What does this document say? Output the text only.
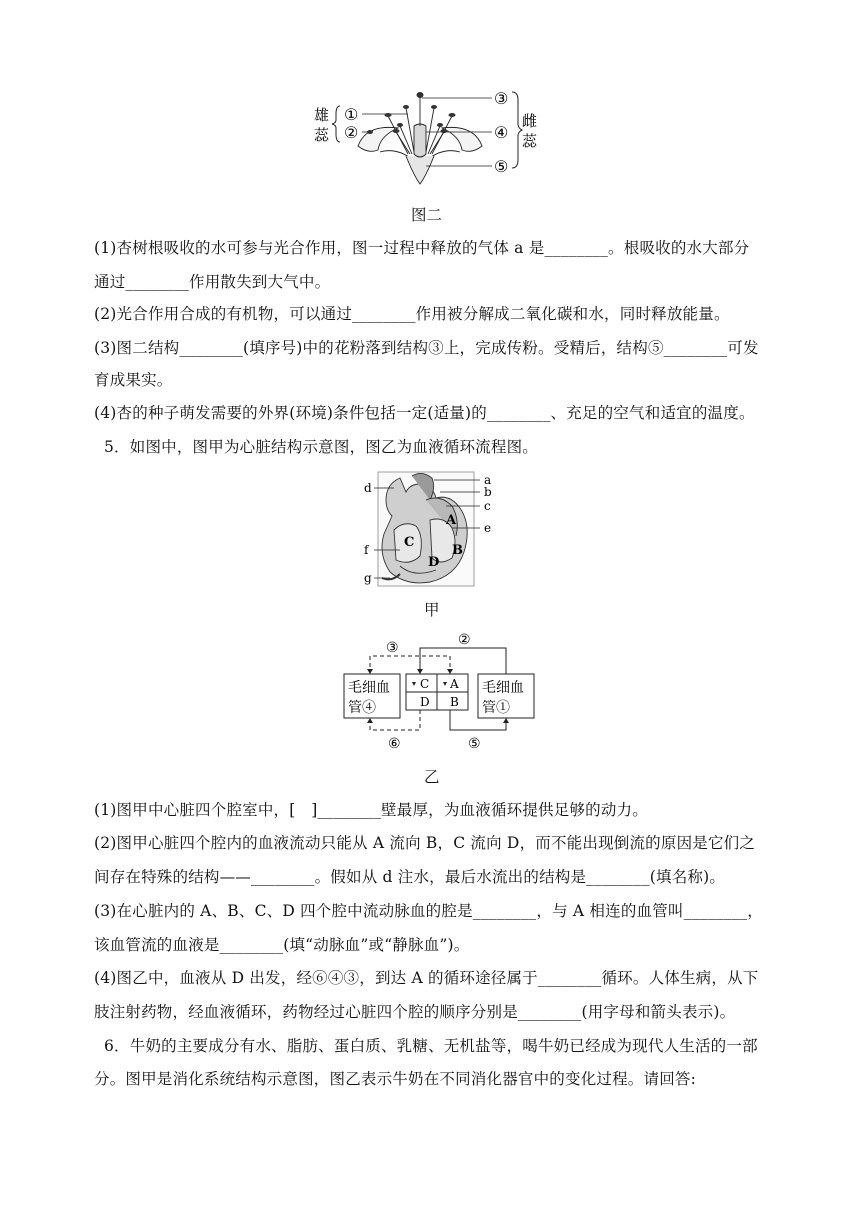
雄
蕊
①
②
③
④
⑤
雌
蕊
图二
(1)杏树根吸收的水可参与光合作用，图一过程中释放的气体 a 是________。根吸收的水大部分
通过________作用散失到大气中。
(2)光合作用合成的有机物，可以通过________作用被分解成二氧化碳和水，同时释放能量。
(3)图二结构________(填序号)中的花粉落到结构③上，完成传粉。受精后，结构⑤________可发
育成果实。
(4)杏的种子萌发需要的外界(环境)条件包括一定(适量)的________、充足的空气和适宜的温度。
5．如图中，图甲为心脏结构示意图，图乙为血液循环流程图。
d
a
b
c
e
f
g
A
B
C
D
甲
③	②
⑥	⑤
毛细血
管④
毛细血
管①
C
D
A
B
乙
(1)图甲中心脏四个腔室中，[　]________壁最厚，为血液循环提供足够的动力。
(2)图甲心脏四个腔内的血液流动只能从 A 流向 B，C 流向 D，而不能出现倒流的原因是它们之
间存在特殊的结构——________。假如从 d 注水，最后水流出的结构是________(填名称)。
(3)在心脏内的 A、B、C、D 四个腔中流动脉血的腔是________，与 A 相连的血管叫________，
该血管流的血液是________(填“动脉血”或“静脉血”)。
(4)图乙中，血液从 D 出发，经⑥④③，到达 A 的循环途径属于________循环。人体生病，从下
肢注射药物，经血液循环，药物经过心脏四个腔的顺序分别是________(用字母和箭头表示)。
6．牛奶的主要成分有水、脂肪、蛋白质、乳糖、无机盐等，喝牛奶已经成为现代人生活的一部
分。图甲是消化系统结构示意图，图乙表示牛奶在不同消化器官中的变化过程。请回答:
